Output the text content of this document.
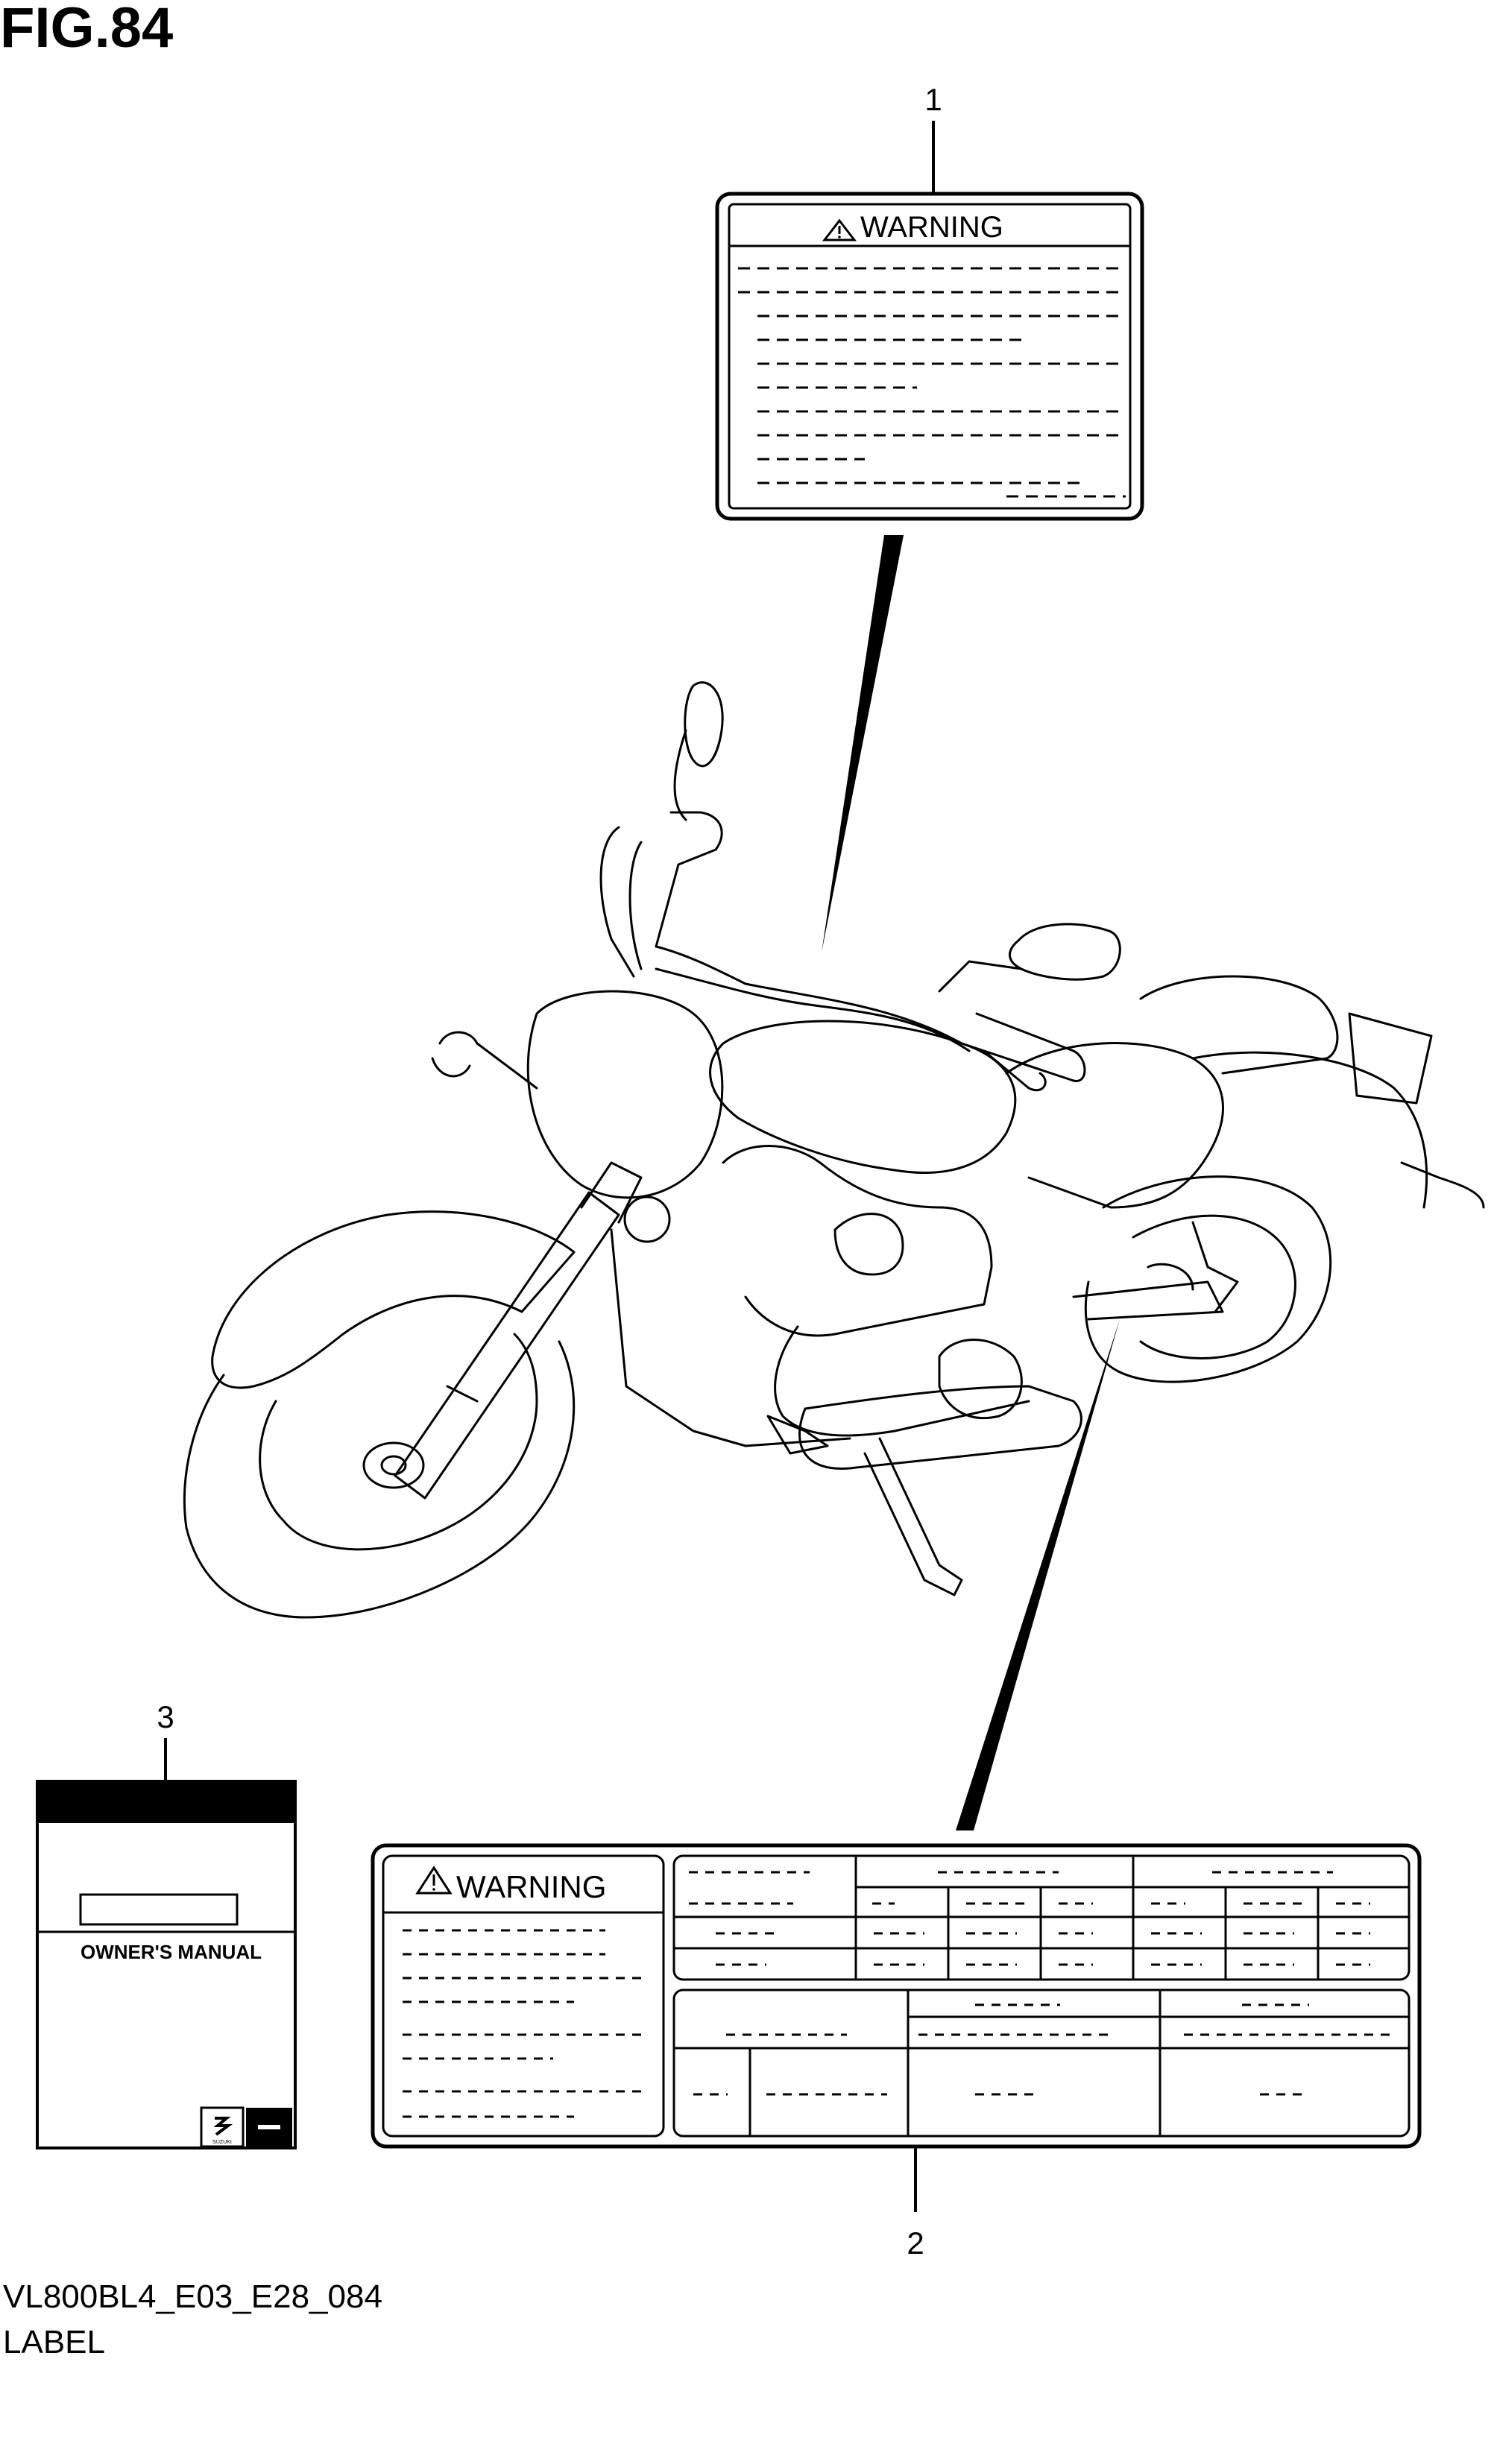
FIG.84
1
WARNING
WARNING
2
3
OWNER'S MANUAL
SUZUKI
VL800BL4_E03_E28_084
LABEL
